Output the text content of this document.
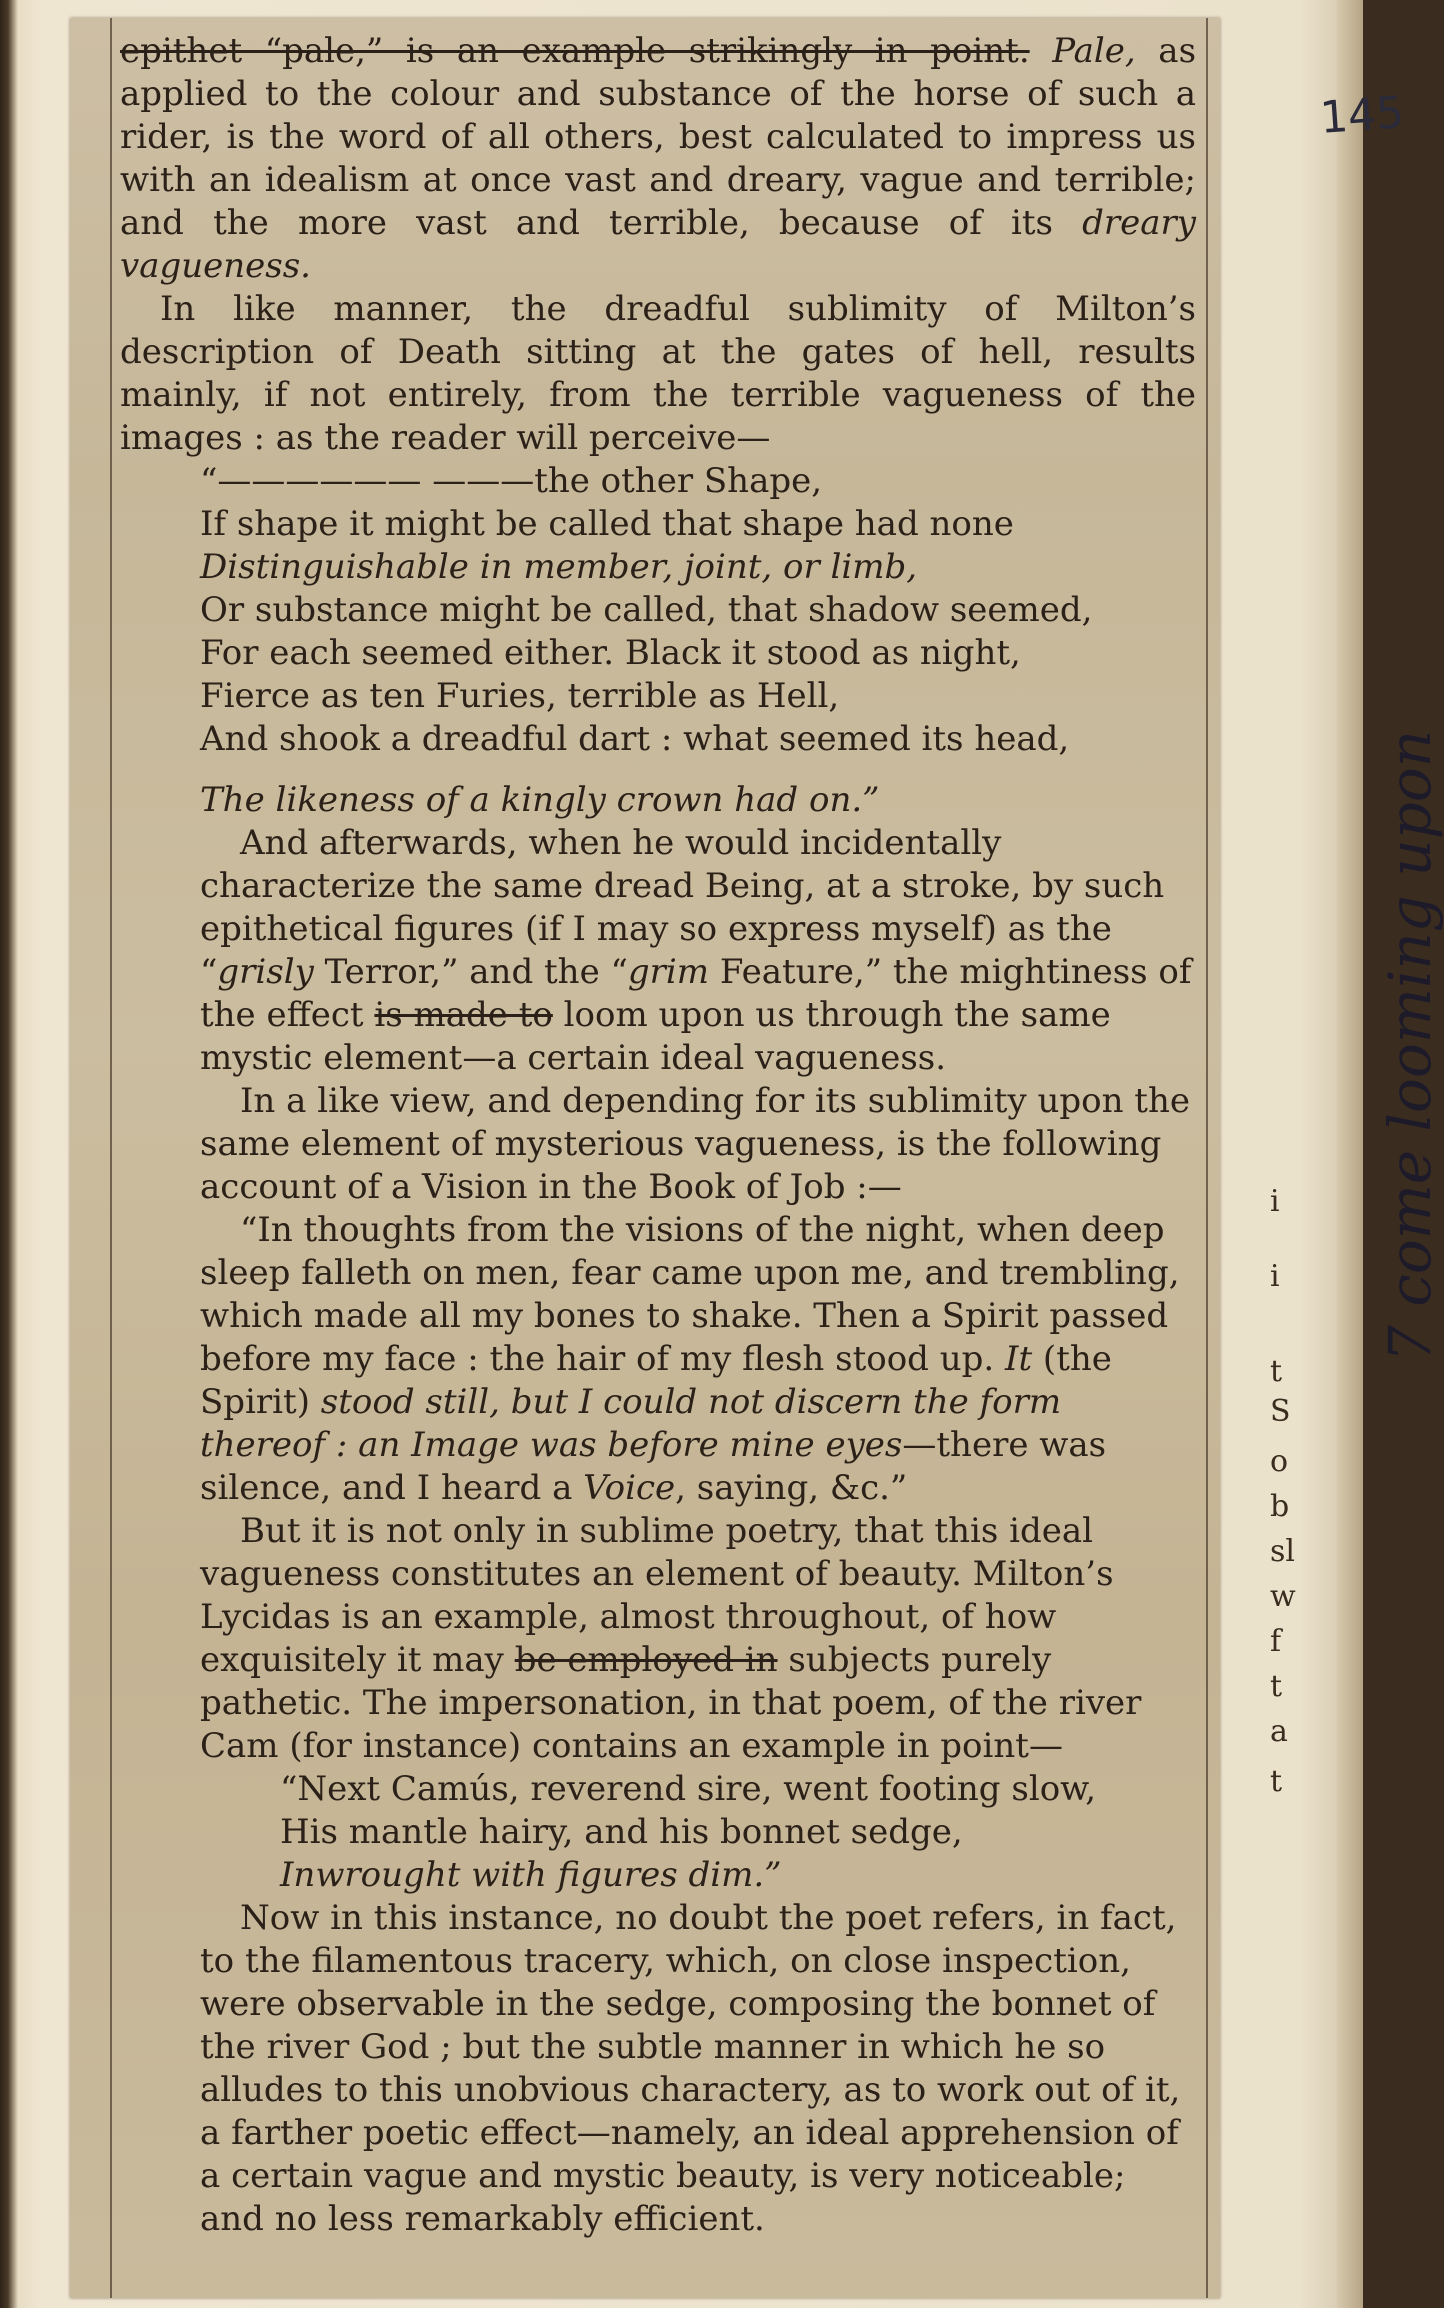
epithet “pale,” is an example strikingly in point. Pale, as applied to the colour and substance of the horse of such a rider, is the word of all others, best calculated to impress us with an idealism at once vast and dreary, vague and terrible; and the more vast and terrible, because of its dreary vagueness.

In like manner, the dreadful sublimity of Milton’s description of Death sitting at the gates of hell, results mainly, if not entirely, from the terrible vagueness of the images : as the reader will perceive—

“—————— ———the other Shape,
If shape it might be called that shape had none
Distinguishable in member, joint, or limb,
Or substance might be called, that shadow seemed,
For each seemed either. Black it stood as night,
Fierce as ten Furies, terrible as Hell,
And shook a dreadful dart : what seemed its head,
The likeness of a kingly crown had on.”

And afterwards, when he would incidentally characterize the same dread Being, at a stroke, by such epithetical figures (if I may so express myself) as the “grisly Terror,” and the “grim Feature,” the mightiness of the effect is made to loom upon us through the same mystic element—a certain ideal vagueness.

In a like view, and depending for its sublimity upon the same element of mysterious vagueness, is the following account of a Vision in the Book of Job :—

“In thoughts from the visions of the night, when deep sleep falleth on men, fear came upon me, and trembling, which made all my bones to shake. Then a Spirit passed before my face : the hair of my flesh stood up. It (the Spirit) stood still, but I could not discern the form thereof : an Image was before mine eyes—there was silence, and I heard a Voice, saying, &c.”

But it is not only in sublime poetry, that this ideal vagueness constitutes an element of beauty. Milton’s Lycidas is an example, almost throughout, of how exquisitely it may be employed in subjects purely pathetic. The impersonation, in that poem, of the river Cam (for instance) contains an example in point—

“Next Camús, reverend sire, went footing slow,
His mantle hairy, and his bonnet sedge,
Inwrought with figures dim.”

Now in this instance, no doubt the poet refers, in fact, to the filamentous tracery, which, on close inspection, were observable in the sedge, composing the bonnet of the river God ; but the subtle manner in which he so alludes to this unobvious charactery, as to work out of it, a farther poetic effect—namely, an ideal apprehension of a certain vague and mystic beauty, is very noticeable; and no less remarkably efficient.

i
i
t
S
o
b
sl
w
f
t
a
t
145
7 come looming upon
